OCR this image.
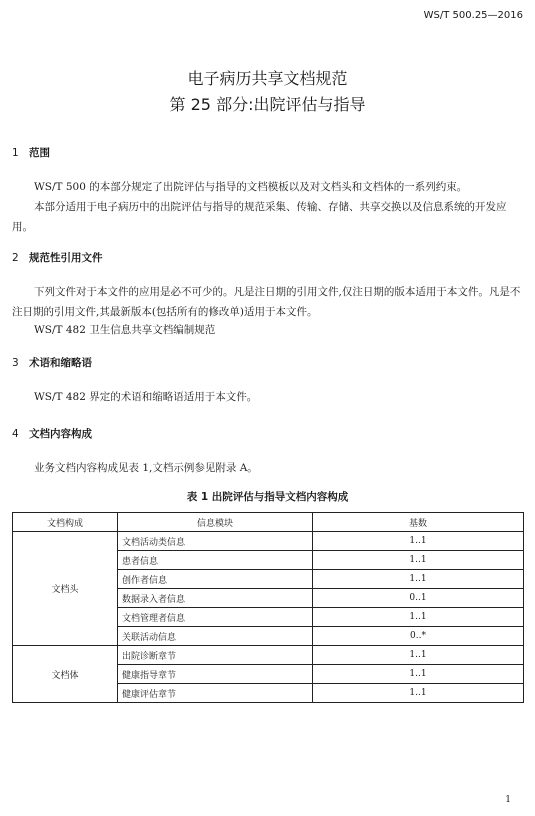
WS/T 500.25—2016
电子病历共享文档规范
第 25 部分:出院评估与指导
1 范围
WS/T 500 的本部分规定了出院评估与指导的文档模板以及对文档头和文档体的一系列约束。
本部分适用于电子病历中的出院评估与指导的规范采集、传输、存储、共享交换以及信息系统的开发应用。
2 规范性引用文件
下列文件对于本文件的应用是必不可少的。凡是注日期的引用文件,仅注日期的版本适用于本文件。凡是不注日期的引用文件,其最新版本(包括所有的修改单)适用于本文件。
WS/T 482 卫生信息共享文档编制规范
3 术语和缩略语
WS/T 482 界定的术语和缩略语适用于本文件。
4 文档内容构成
业务文档内容构成见表 1,文档示例参见附录 A。
表 1 出院评估与指导文档内容构成
文档构成	信息模块	基数
文档头	文档活动类信息	1..1
	患者信息	1..1
	创作者信息	1..1
	数据录入者信息	0..1
	文档管理者信息	1..1
	关联活动信息	0..*
文档体	出院诊断章节	1..1
	健康指导章节	1..1
	健康评估章节	1..1
1
